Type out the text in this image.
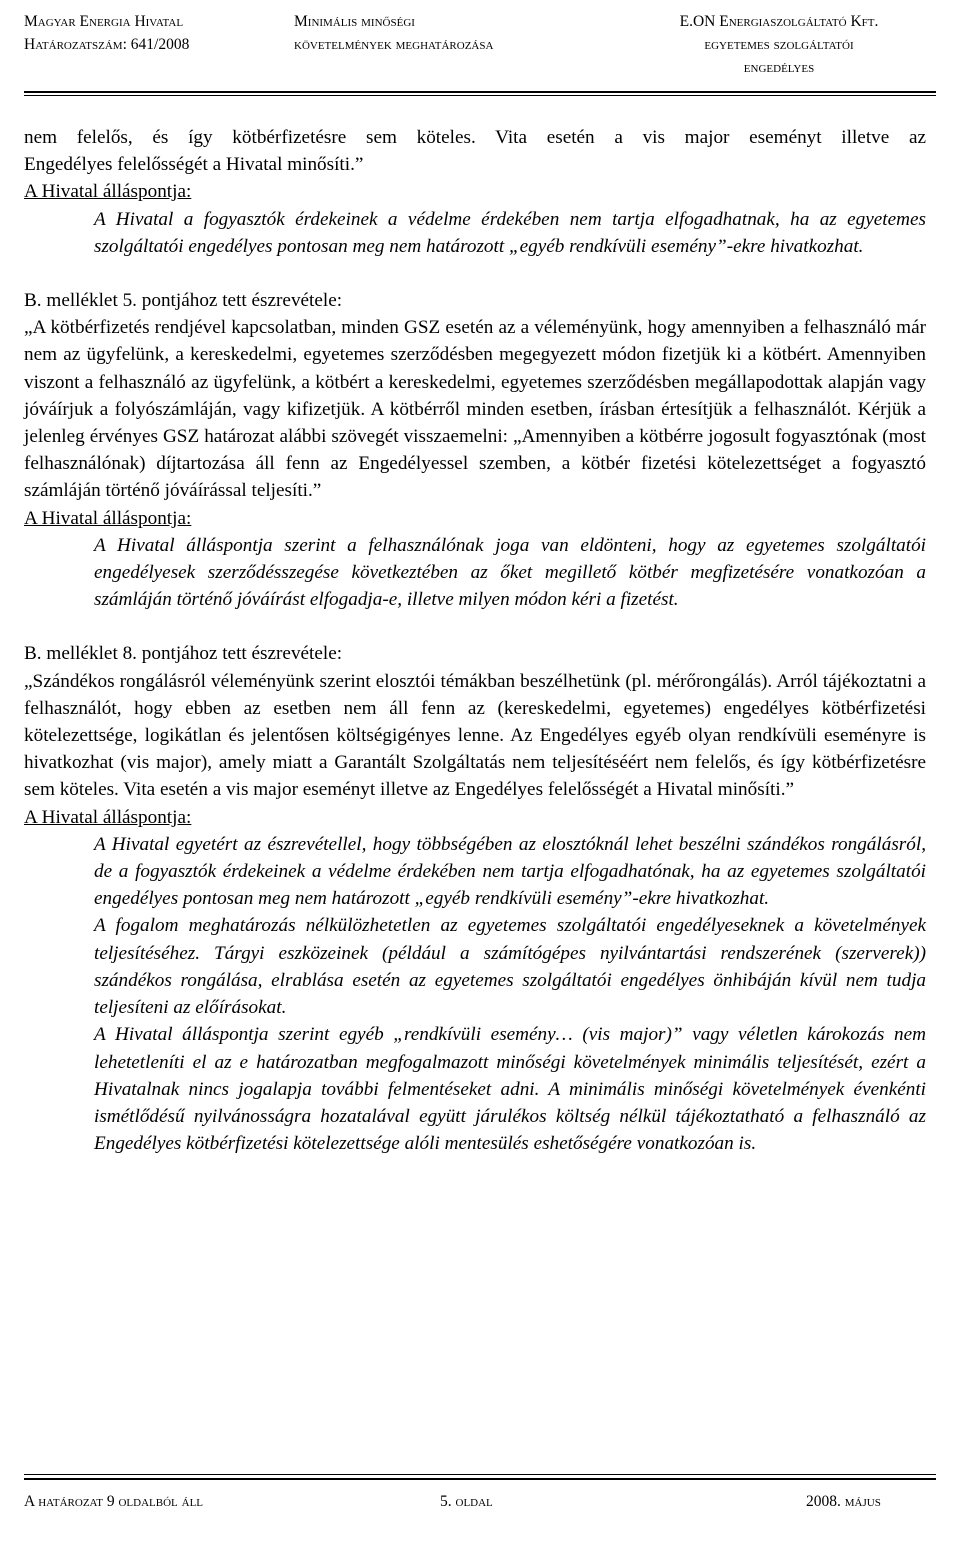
Magyar Energia Hivatal
Határozatszám: 641/2008
Minimális minőségi
követelmények meghatározása
E.ON Energiaszolgáltató Kft.
egyetemes szolgáltatói
engedélyes
nem felelős, és így kötbérfizetésre sem köteles. Vita esetén a vis major eseményt illetve az
Engedélyes felelősségét a Hivatal minősíti.”
A Hivatal álláspontja:
A Hivatal a fogyasztók érdekeinek a védelme érdekében nem tartja elfogadhatnak, ha az egyetemes szolgáltatói engedélyes pontosan meg nem határozott „egyéb rendkívüli esemény”-ekre hivatkozhat.
B. melléklet 5. pontjához tett észrevétele:
„A kötbérfizetés rendjével kapcsolatban, minden GSZ esetén az a véleményünk, hogy amennyiben a felhasználó már nem az ügyfelünk, a kereskedelmi, egyetemes szerződésben megegyezett módon fizetjük ki a kötbért. Amennyiben viszont a felhasználó az ügyfelünk, a kötbért a kereskedelmi, egyetemes szerződésben megállapodottak alapján vagy jóváírjuk a folyószámláján, vagy kifizetjük. A kötbérről minden esetben, írásban értesítjük a felhasználót. Kérjük a jelenleg érvényes GSZ határozat alábbi szövegét visszaemelni: „Amennyiben a kötbérre jogosult fogyasztónak (most felhasználónak) díjtartozása áll fenn az Engedélyessel szemben, a kötbér fizetési kötelezettséget a fogyasztó számláján történő jóváírással teljesíti.”
A Hivatal álláspontja:
A Hivatal álláspontja szerint a felhasználónak joga van eldönteni, hogy az egyetemes szolgáltatói engedélyesek szerződésszegése következtében az őket megillető kötbér megfizetésére vonatkozóan a számláján történő jóváírást elfogadja-e, illetve milyen módon kéri a fizetést.
B. melléklet 8. pontjához tett észrevétele:
„Szándékos rongálásról véleményünk szerint elosztói témákban beszélhetünk (pl. mérőrongálás). Arról tájékoztatni a felhasználót, hogy ebben az esetben nem áll fenn az (kereskedelmi, egyetemes) engedélyes kötbérfizetési kötelezettsége, logikátlan és jelentősen költségigényes lenne. Az Engedélyes egyéb olyan rendkívüli eseményre is hivatkozhat (vis major), amely miatt a Garantált Szolgáltatás nem teljesítéséért nem felelős, és így kötbérfizetésre sem köteles. Vita esetén a vis major eseményt illetve az Engedélyes felelősségét a Hivatal minősíti.”
A Hivatal álláspontja:
A Hivatal egyetért az észrevétellel, hogy többségében az elosztóknál lehet beszélni szándékos rongálásról, de a fogyasztók érdekeinek a védelme érdekében nem tartja elfogadhatónak, ha az egyetemes szolgáltatói engedélyes pontosan meg nem határozott „egyéb rendkívüli esemény”-ekre hivatkozhat.
A fogalom meghatározás nélkülözhetetlen az egyetemes szolgáltatói engedélyeseknek a követelmények teljesítéséhez. Tárgyi eszközeinek (például a számítógépes nyilvántartási rendszerének (szerverek)) szándékos rongálása, elrablása esetén az egyetemes szolgáltatói engedélyes önhibáján kívül nem tudja teljesíteni az előírásokat.
A Hivatal álláspontja szerint egyéb „rendkívüli esemény… (vis major)” vagy véletlen károkozás nem lehetetleníti el az e határozatban megfogalmazott minőségi követelmények minimális teljesítését, ezért a Hivatalnak nincs jogalapja további felmentéseket adni. A minimális minőségi követelmények évenkénti ismétlődésű nyilvánosságra hozatalával együtt járulékos költség nélkül tájékoztatható a felhasználó az Engedélyes kötbérfizetési kötelezettsége alóli mentesülés eshetőségére vonatkozóan is.
A határozat 9 oldalból áll	5. oldal	2008. május
